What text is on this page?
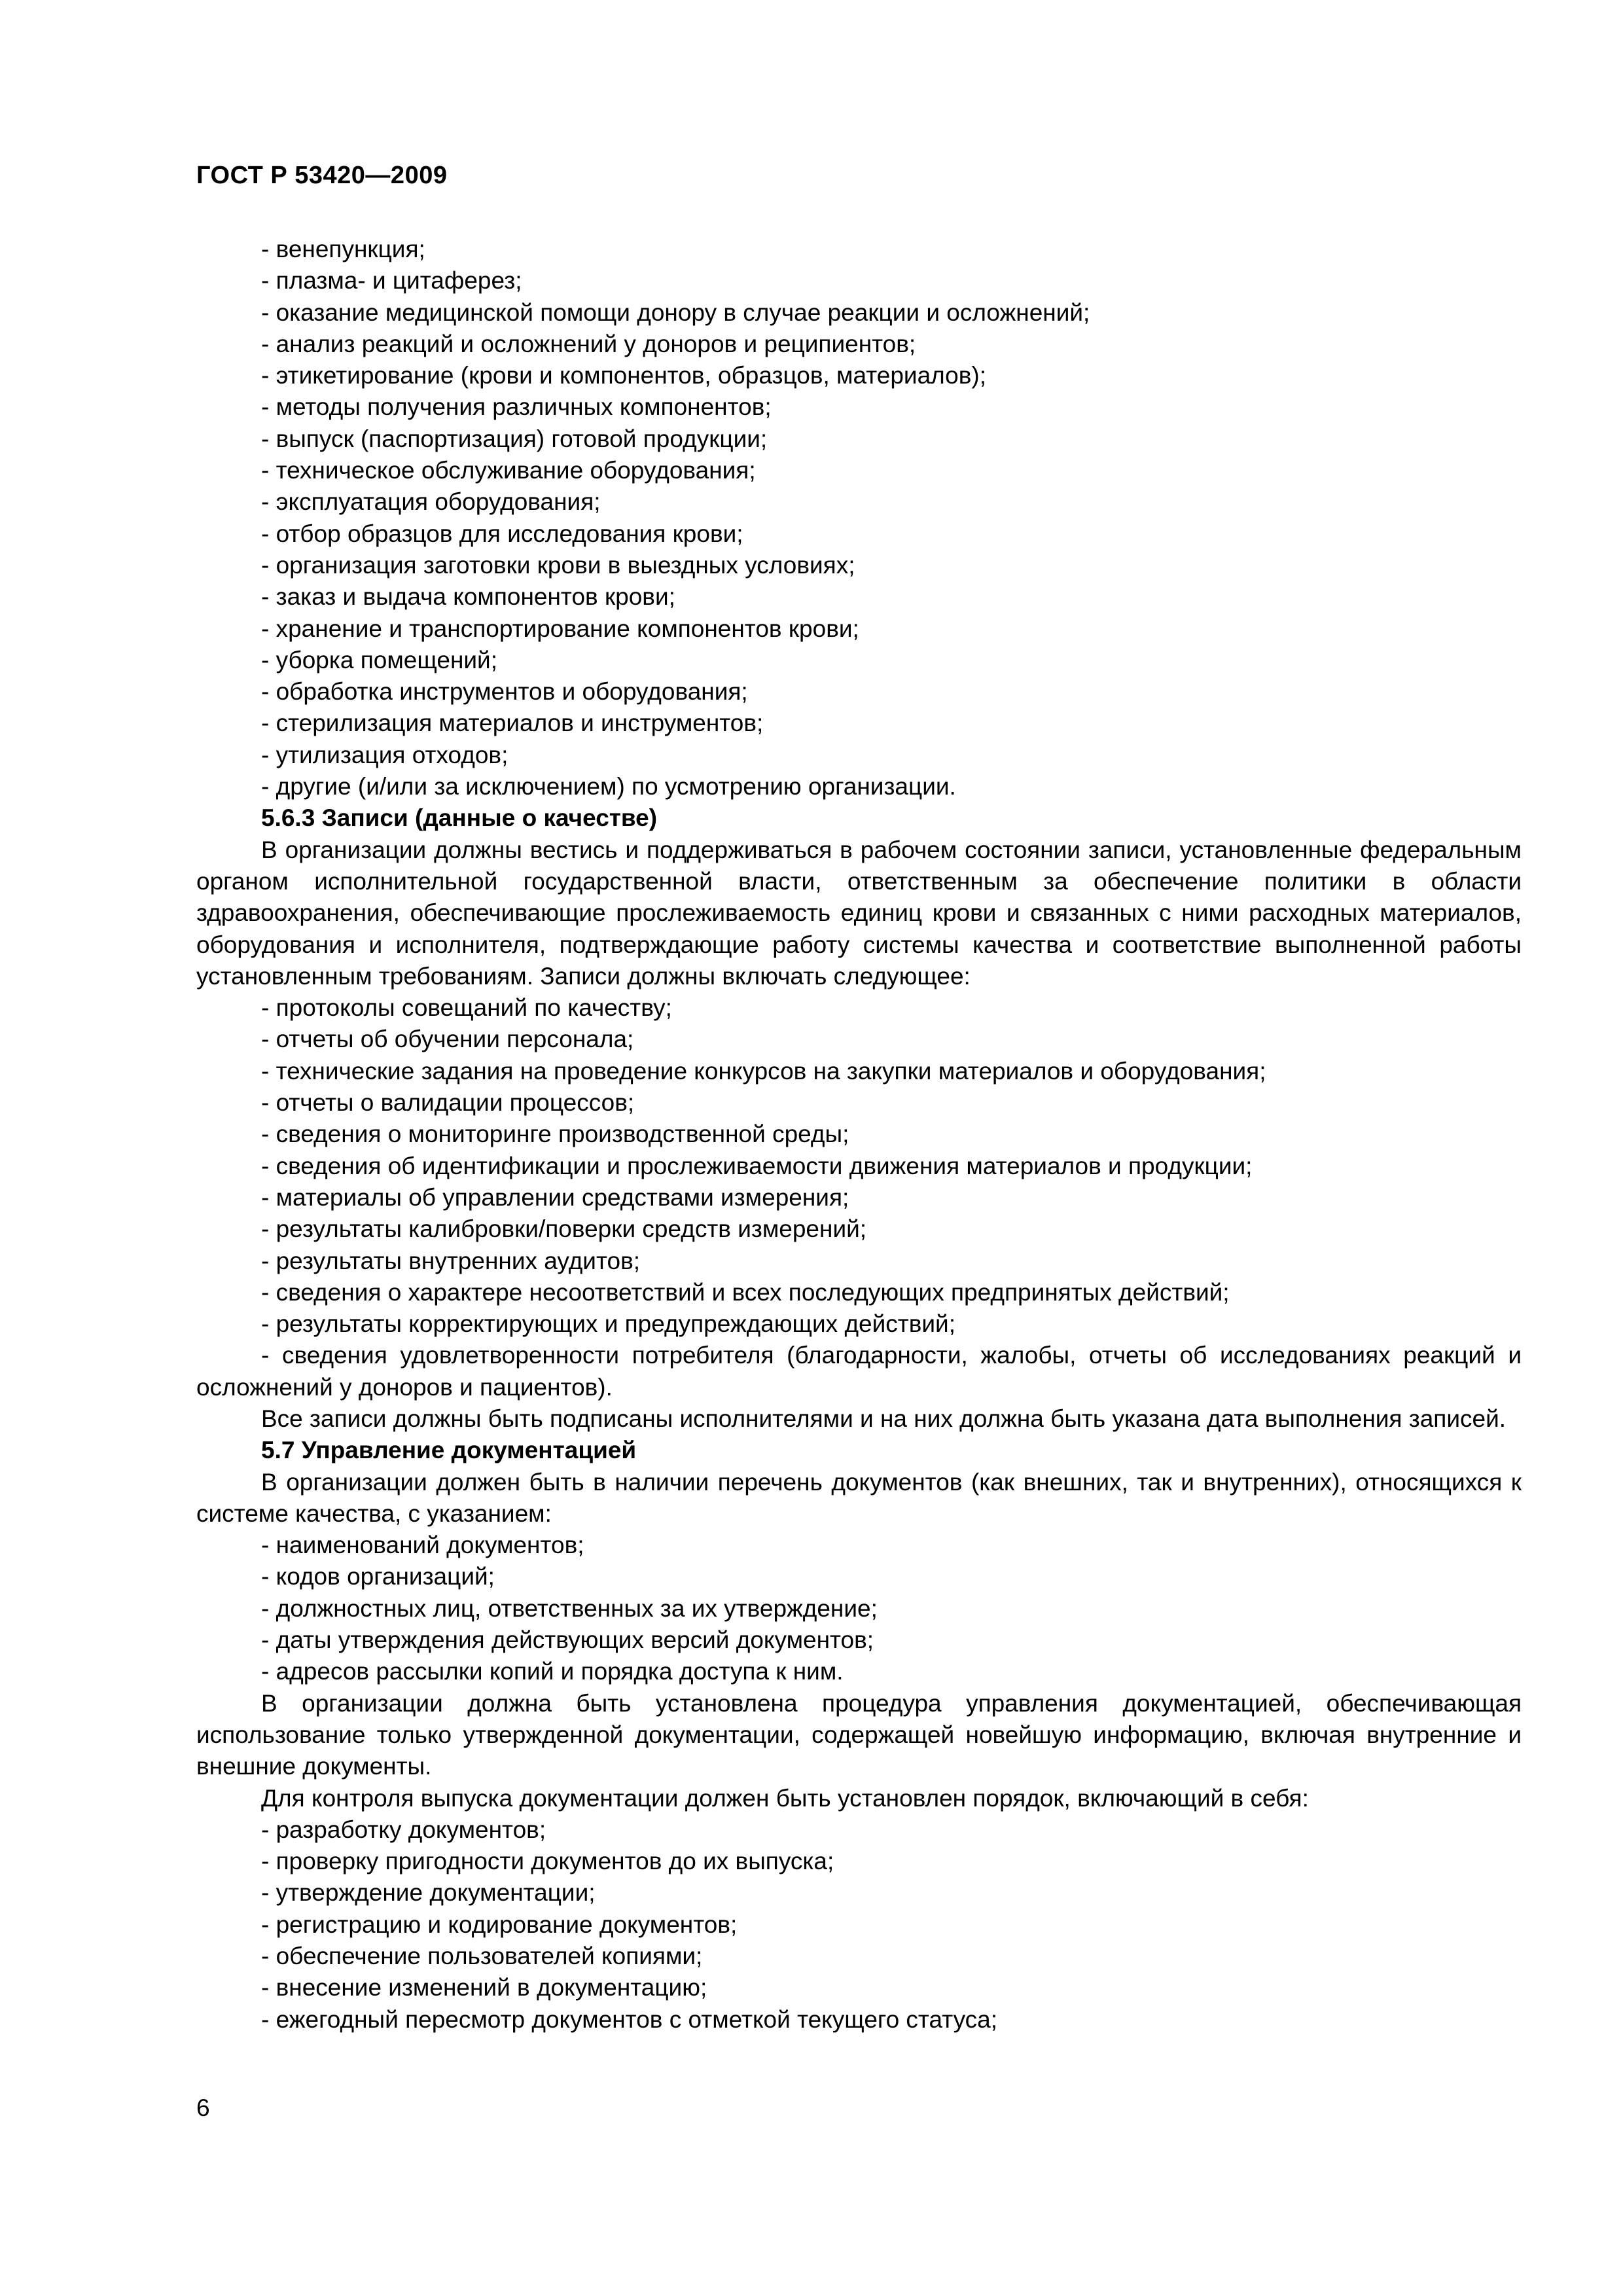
ГОСТ Р 53420—2009
- венепункция;
- плазма- и цитаферез;
- оказание медицинской помощи донору в случае реакции и осложнений;
- анализ реакций и осложнений у доноров и реципиентов;
- этикетирование (крови и компонентов, образцов, материалов);
- методы получения различных компонентов;
- выпуск (паспортизация) готовой продукции;
- техническое обслуживание оборудования;
- эксплуатация оборудования;
- отбор образцов для исследования крови;
- организация заготовки крови в выездных условиях;
- заказ и выдача компонентов крови;
- хранение и транспортирование компонентов крови;
- уборка помещений;
- обработка инструментов и оборудования;
- стерилизация материалов и инструментов;
- утилизация отходов;
- другие (и/или за исключением) по усмотрению организации.
5.6.3 Записи (данные о качестве)
В организации должны вестись и поддерживаться в рабочем состоянии записи, установленные федеральным органом исполнительной государственной власти, ответственным за обеспечение политики в области здравоохранения, обеспечивающие прослеживаемость единиц крови и связанных с ними расходных материалов, оборудования и исполнителя, подтверждающие работу системы качества и соответствие выполненной работы установленным требованиям. Записи должны включать следующее:
- протоколы совещаний по качеству;
- отчеты об обучении персонала;
- технические задания на проведение конкурсов на закупки материалов и оборудования;
- отчеты о валидации процессов;
- сведения о мониторинге производственной среды;
- сведения об идентификации и прослеживаемости движения материалов и продукции;
- материалы об управлении средствами измерения;
- результаты калибровки/поверки средств измерений;
- результаты внутренних аудитов;
- сведения о характере несоответствий и всех последующих предпринятых действий;
- результаты корректирующих и предупреждающих действий;
- сведения удовлетворенности потребителя (благодарности, жалобы, отчеты об исследованиях реакций и осложнений у доноров и пациентов).
Все записи должны быть подписаны исполнителями и на них должна быть указана дата выполнения записей.
5.7 Управление документацией
В организации должен быть в наличии перечень документов (как внешних, так и внутренних), относящихся к системе качества, с указанием:
- наименований документов;
- кодов организаций;
- должностных лиц, ответственных за их утверждение;
- даты утверждения действующих версий документов;
- адресов рассылки копий и порядка доступа к ним.
В организации должна быть установлена процедура управления документацией, обеспечивающая использование только утвержденной документации, содержащей новейшую информацию, включая внутренние и внешние документы.
Для контроля выпуска документации должен быть установлен порядок, включающий в себя:
- разработку документов;
- проверку пригодности документов до их выпуска;
- утверждение документации;
- регистрацию и кодирование документов;
- обеспечение пользователей копиями;
- внесение изменений в документацию;
- ежегодный пересмотр документов с отметкой текущего статуса;
6
